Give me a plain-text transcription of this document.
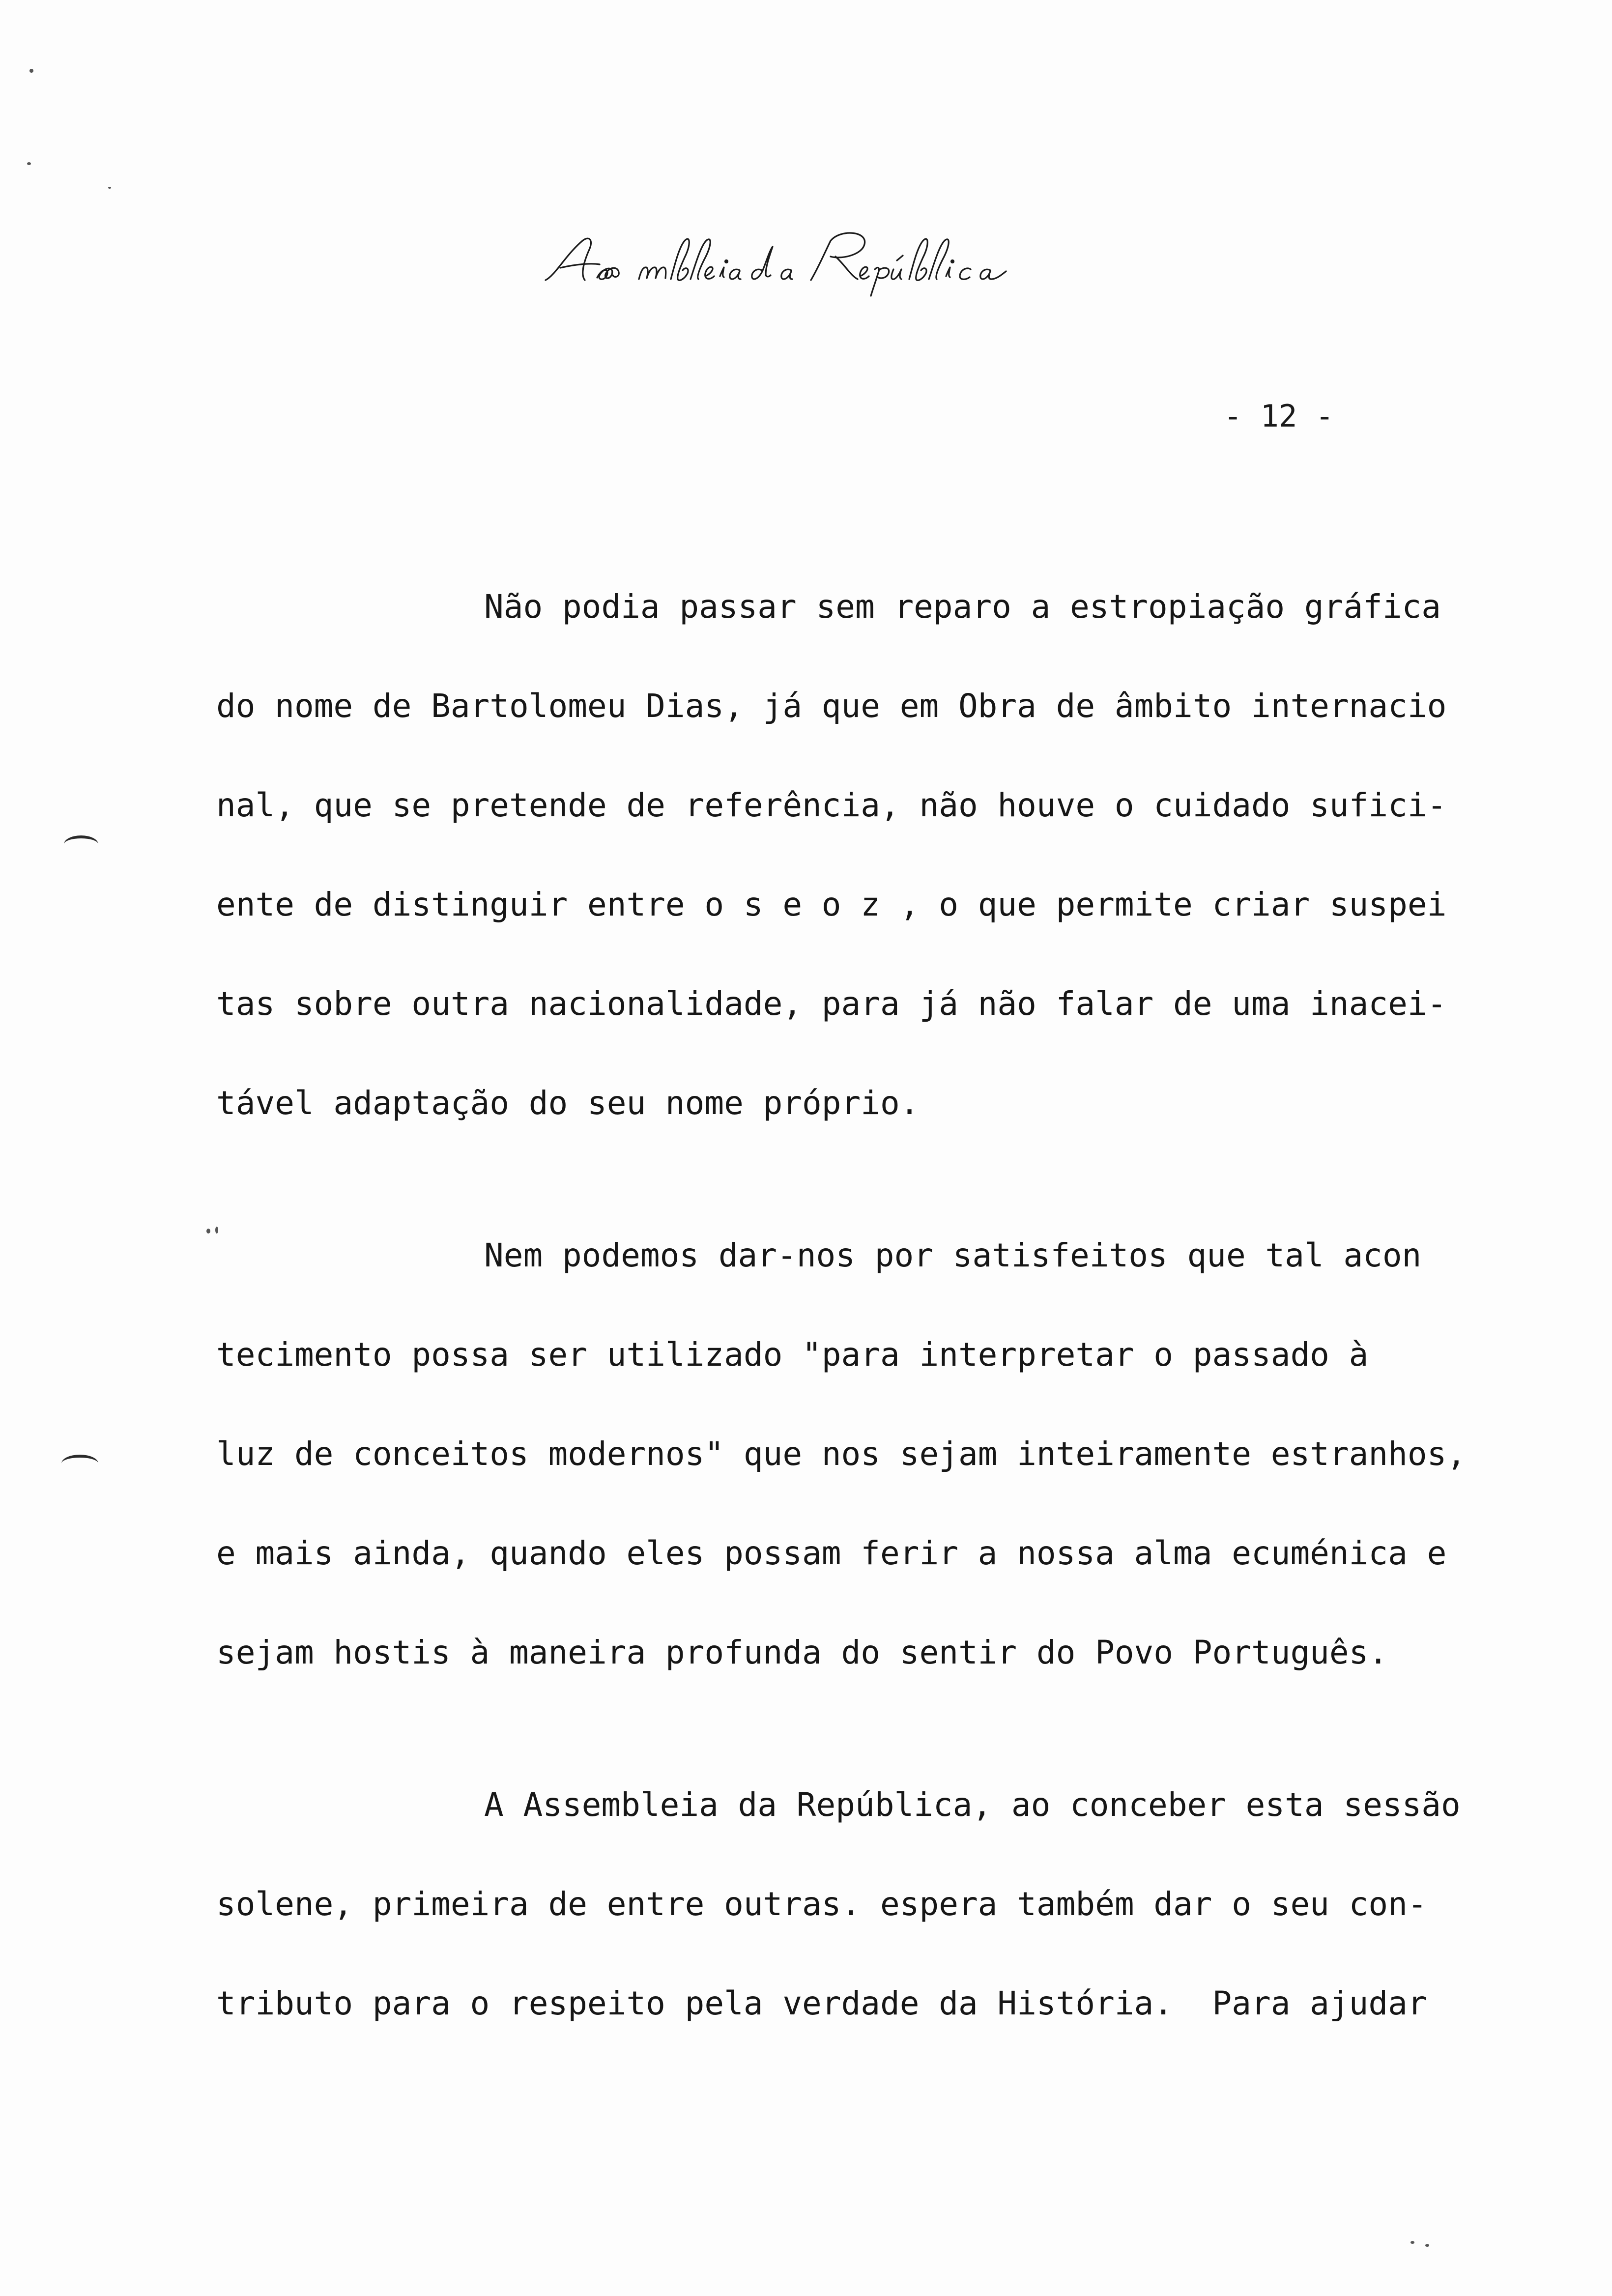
- 12 -
Não podia passar sem reparo a estropiação gráfica
do nome de Bartolomeu Dias, já que em Obra de âmbito internacio
nal, que se pretende de referência, não houve o cuidado sufici-
ente de distinguir entre o s e o z , o que permite criar suspei
tas sobre outra nacionalidade, para já não falar de uma inacei-
tável adaptação do seu nome próprio.
Nem podemos dar-nos por satisfeitos que tal acon
tecimento possa ser utilizado "para interpretar o passado à
luz de conceitos modernos" que nos sejam inteiramente estranhos,
e mais ainda, quando eles possam ferir a nossa alma ecuménica e
sejam hostis à maneira profunda do sentir do Povo Português.
A Assembleia da República, ao conceber esta sessão
solene, primeira de entre outras. espera também dar o seu con-
tributo para o respeito pela verdade da História.  Para ajudar
